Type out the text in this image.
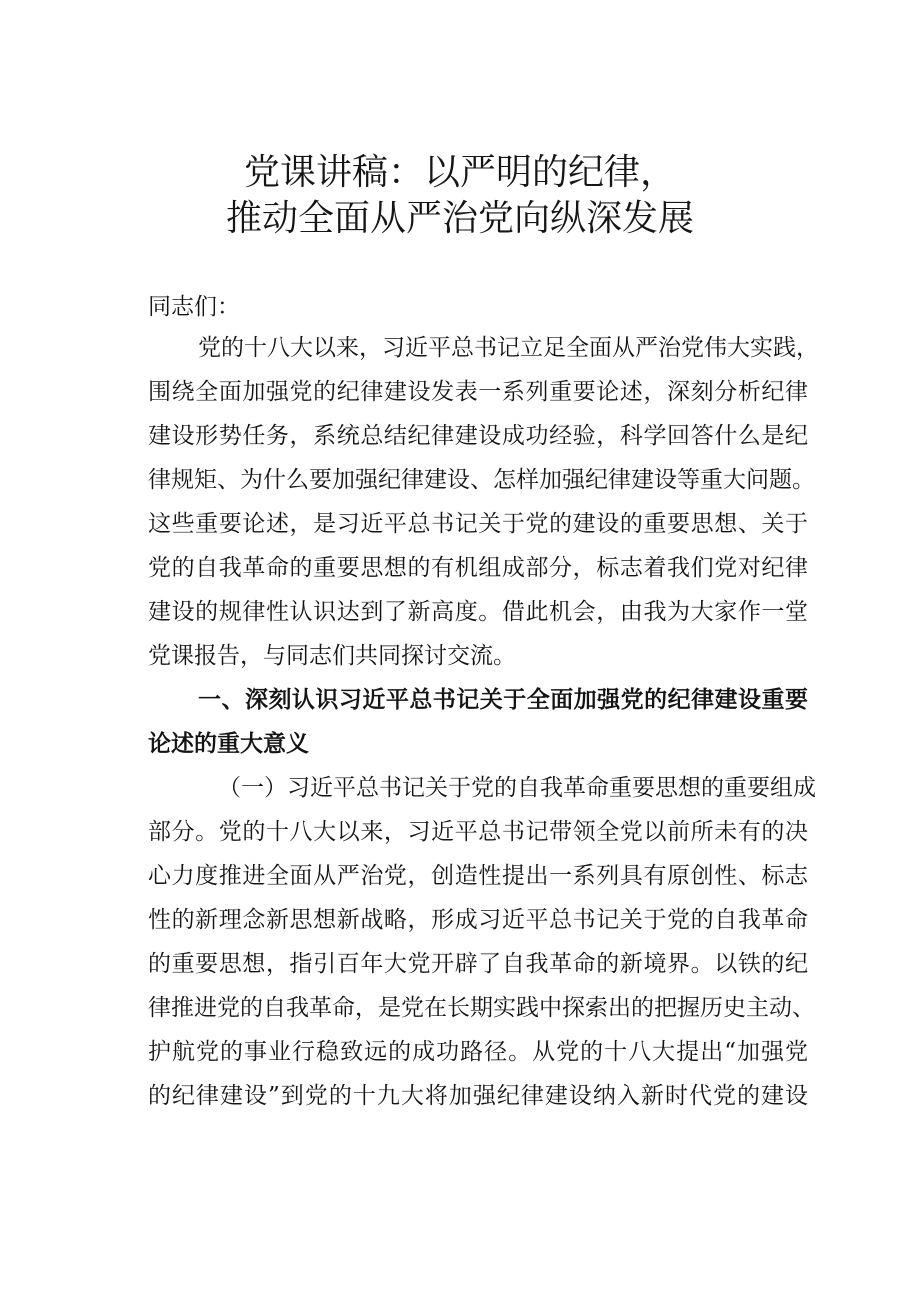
党课讲稿：以严明的纪律，
推动全面从严治党向纵深发展
同志们：
党的十八大以来，习近平总书记立足全面从严治党伟大实践，
围绕全面加强党的纪律建设发表一系列重要论述，深刻分析纪律
建设形势任务，系统总结纪律建设成功经验，科学回答什么是纪
律规矩、为什么要加强纪律建设、怎样加强纪律建设等重大问题。
这些重要论述，是习近平总书记关于党的建设的重要思想、关于
党的自我革命的重要思想的有机组成部分，标志着我们党对纪律
建设的规律性认识达到了新高度。借此机会，由我为大家作一堂
党课报告，与同志们共同探讨交流。
一、深刻认识习近平总书记关于全面加强党的纪律建设重要
论述的重大意义
（一）习近平总书记关于党的自我革命重要思想的重要组成
部分。党的十八大以来，习近平总书记带领全党以前所未有的决
心力度推进全面从严治党，创造性提出一系列具有原创性、标志
性的新理念新思想新战略，形成习近平总书记关于党的自我革命
的重要思想，指引百年大党开辟了自我革命的新境界。以铁的纪
律推进党的自我革命，是党在长期实践中探索出的把握历史主动、
护航党的事业行稳致远的成功路径。从党的十八大提出“加强党
的纪律建设”到党的十九大将加强纪律建设纳入新时代党的建设
